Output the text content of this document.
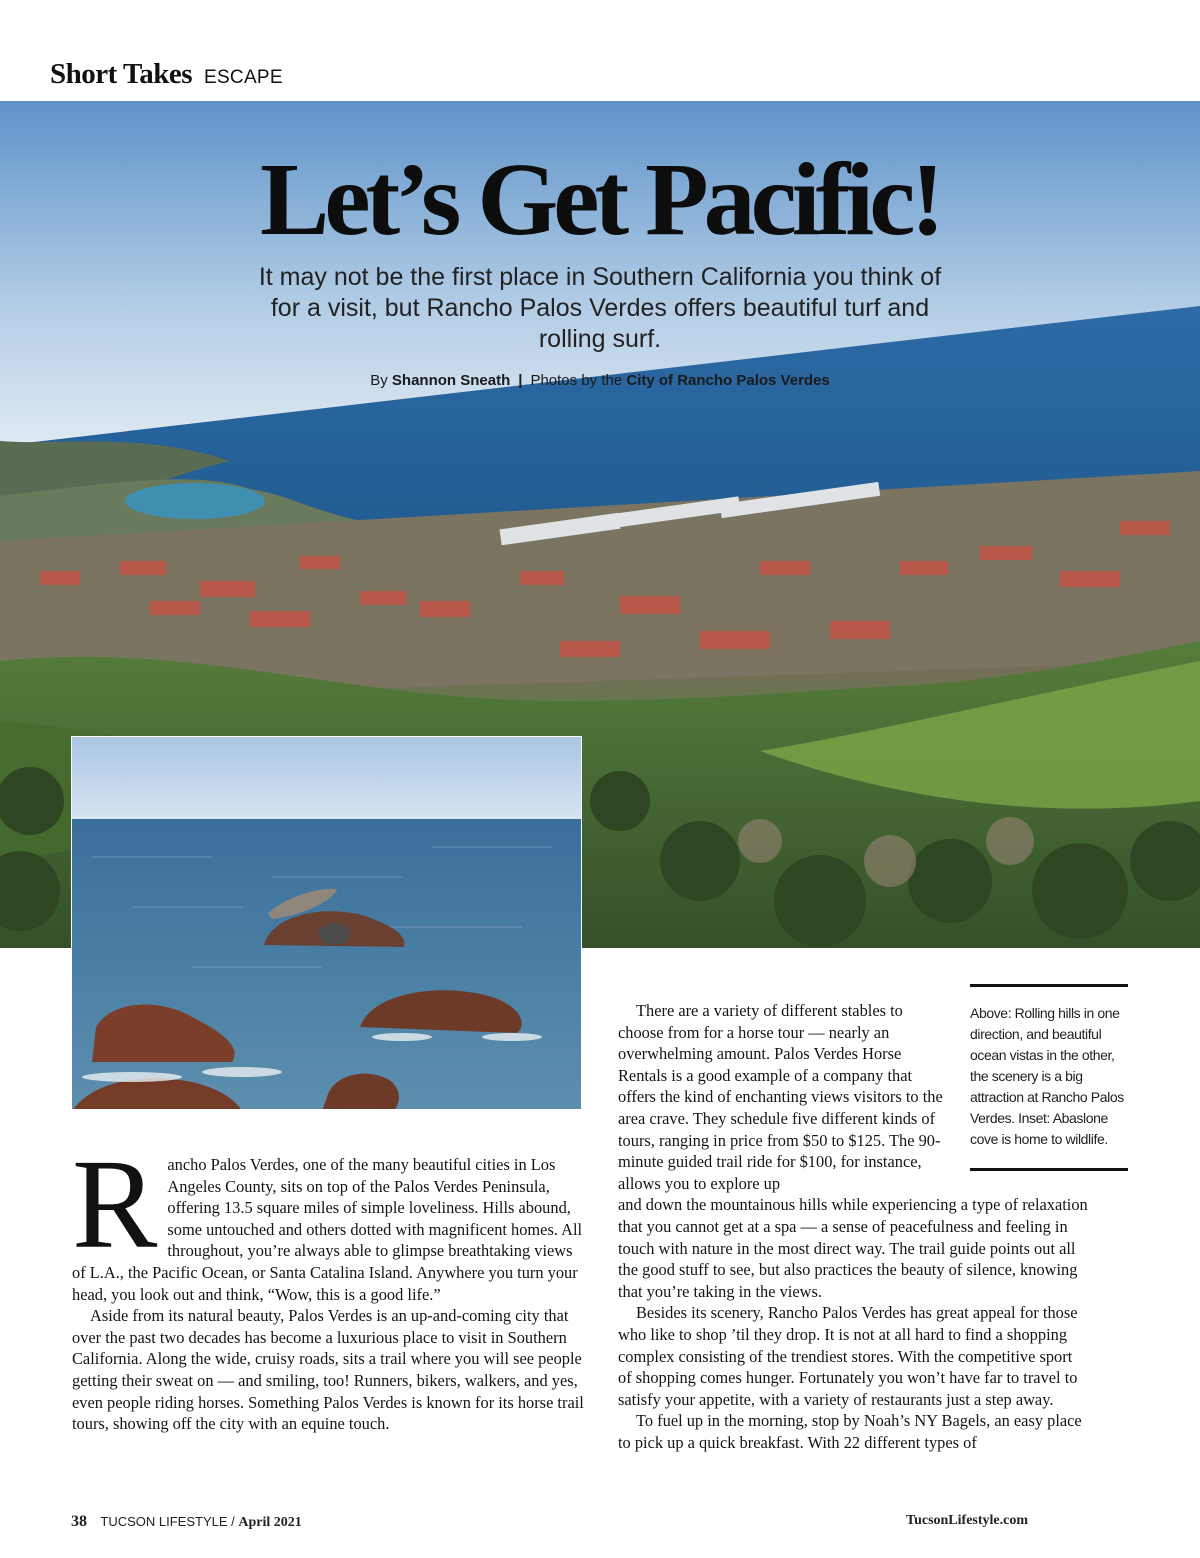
Short Takes ESCAPE
Let’s Get Pacific!

It may not be the first place in Southern California you think of for a visit, but Rancho Palos Verdes offers beautiful turf and rolling surf.

By Shannon Sneath | Photos by the City of Rancho Palos Verdes

Above: Rolling hills in one direction, and beautiful ocean vistas in the other, the scenery is a big attraction at Rancho Palos Verdes. Inset: Abaslone cove is home to wildlife.

Rancho Palos Verdes, one of the many beautiful cities in Los Angeles County, sits on top of the Palos Verdes Peninsula, offering 13.5 square miles of simple loveliness. Hills abound, some untouched and others dotted with magnificent homes. All throughout, you’re always able to glimpse breathtaking views of L.A., the Pacific Ocean, or Santa Catalina Island. Anywhere you turn your head, you look out and think, “Wow, this is a good life.”

Aside from its natural beauty, Palos Verdes is an up-and-coming city that over the past two decades has become a luxurious place to visit in Southern California. Along the wide, cruisy roads, sits a trail where you will see people getting their sweat on — and smiling, too! Runners, bikers, walkers, and yes, even people riding horses. Something Palos Verdes is known for its horse trail tours, showing off the city with an equine touch.

There are a variety of different stables to choose from for a horse tour — nearly an overwhelming amount. Palos Verdes Horse Rentals is a good example of a company that offers the kind of enchanting views visitors to the area crave. They schedule five different kinds of tours, ranging in price from $50 to $125. The 90-minute guided trail ride for $100, for instance, allows you to explore up

and down the mountainous hills while experiencing a type of relaxation that you cannot get at a spa — a sense of peacefulness and feeling in touch with nature in the most direct way. The trail guide points out all the good stuff to see, but also practices the beauty of silence, knowing that you’re taking in the views.

Besides its scenery, Rancho Palos Verdes has great appeal for those who like to shop ’til they drop. It is not at all hard to find a shopping complex consisting of the trendiest stores. With the competitive sport of shopping comes hunger. Fortunately you won’t have far to travel to satisfy your appetite, with a variety of restaurants just a step away.

To fuel up in the morning, stop by Noah’s NY Bagels, an easy place to pick up a quick breakfast. With 22 different types of

38 TUCSON LIFESTYLE / April 2021	TucsonLifestyle.com
